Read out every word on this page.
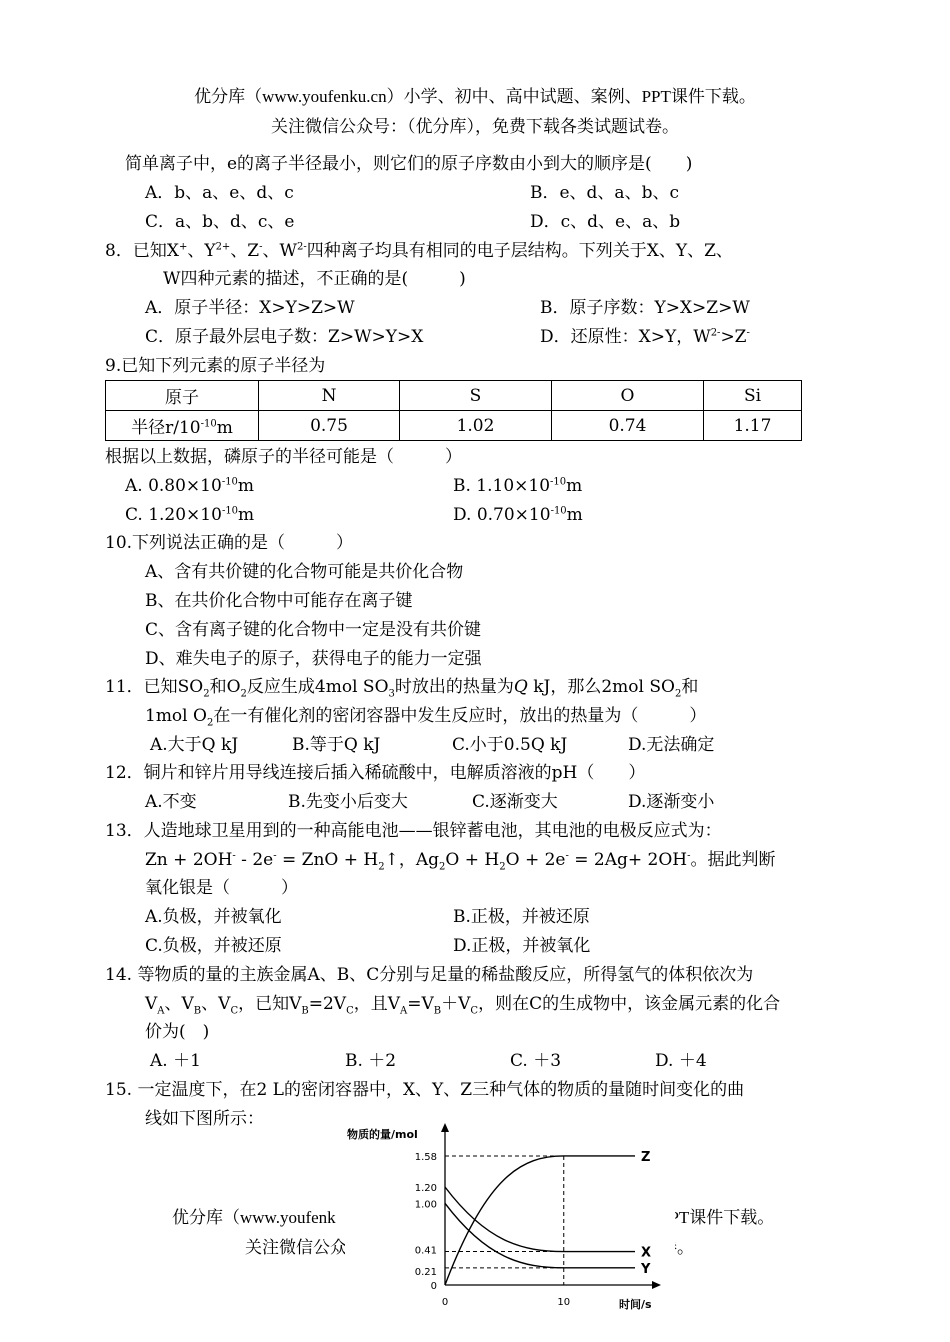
优分库（www.youfenku.cn）小学、初中、高中试题、案例、PPT课件下载。
关注微信公众号：（优分库），免费下载各类试题试卷。
简单离子中，e的离子半径最小，则它们的原子序数由小到大的顺序是(　　)
A．b、a、e、d、c	B．e、d、a、b、c
C．a、b、d、c、e	D．c、d、e、a、b
8．已知X+、$Y^{2+}$、Z-、$W^{2-}$四种离子均具有相同的电子层结构。下列关于X、Y、Z、
W四种元素的描述，不正确的是(　　　)
A．原子半径：X>Y>Z>W	B．原子序数：Y>X>Z>W
C．原子最外层电子数：Z>W>Y>X	D．还原性：X>Y，$W^{2-}>Z^-$
9.已知下列元素的原子半径为
原子	N	S	O	Si
半径$r/10^{-10}m$	0.75	1.02	0.74	1.17
根据以上数据，磷原子的半径可能是（　　　）
A. $0.80\times 10^{-10}m$	B. $1.10\times 10^{-10}m$
C. $1.20\times 10^{-10}m$	D. $0.70\times 10^{-10}m$
10.下列说法正确的是（　　　）
A、含有共价键的化合物可能是共价化合物
B、在共价化合物中可能存在离子键
C、含有离子键的化合物中一定是没有共价键
D、难失电子的原子，获得电子的能力一定强
11．已知$SO_2$和$O_2$反应生成4mol $SO_3$时放出的热量为Q kJ，那么2mol $SO_2$和
1mol $O_2$在一有催化剂的密闭容器中发生反应时，放出的热量为（　　　）
A.大于Q kJ	B.等于Q kJ	C.小于0.5Q kJ	D.无法确定
12．铜片和锌片用导线连接后插入稀硫酸中，电解质溶液的pH（　　）
A.不变	B.先变小后变大	C.逐渐变大	D.逐渐变小
13．人造地球卫星用到的一种高能电池——银锌蓄电池，其电池的电极反应式为：
Zn + 2OH- - 2e- = ZnO + $H_2↑$，$Ag_2O + H_2O + 2e^- = 2Ag+ 2OH^-$。据此判断
氧化银是（　　　）
A.负极，并被氧化	B.正极，并被还原
C.负极，并被还原	D.正极，并被氧化
14. 等物质的量的主族金属A、B、C分别与足量的稀盐酸反应，所得氢气的体积依次为
$V_A$、$V_B$、$V_C$，已知$V_B=2V_C$，且$V_A=V_B+V_C$，则在C的生成物中，该金属元素的化合
价为(　)
A. ＋1	B. ＋2	C. ＋3	D. ＋4
15. 一定温度下，在2 L的密闭容器中，X、Y、Z三种气体的物质的量随时间变化的曲
线如下图所示：
优分库（www.youfenk	PPT课件下载。
关注微信公众	卷。
物质的量/mol
时间/s
0
0.21
0.41
1.00
1.20
1.58
0	10
Z
X
Y
